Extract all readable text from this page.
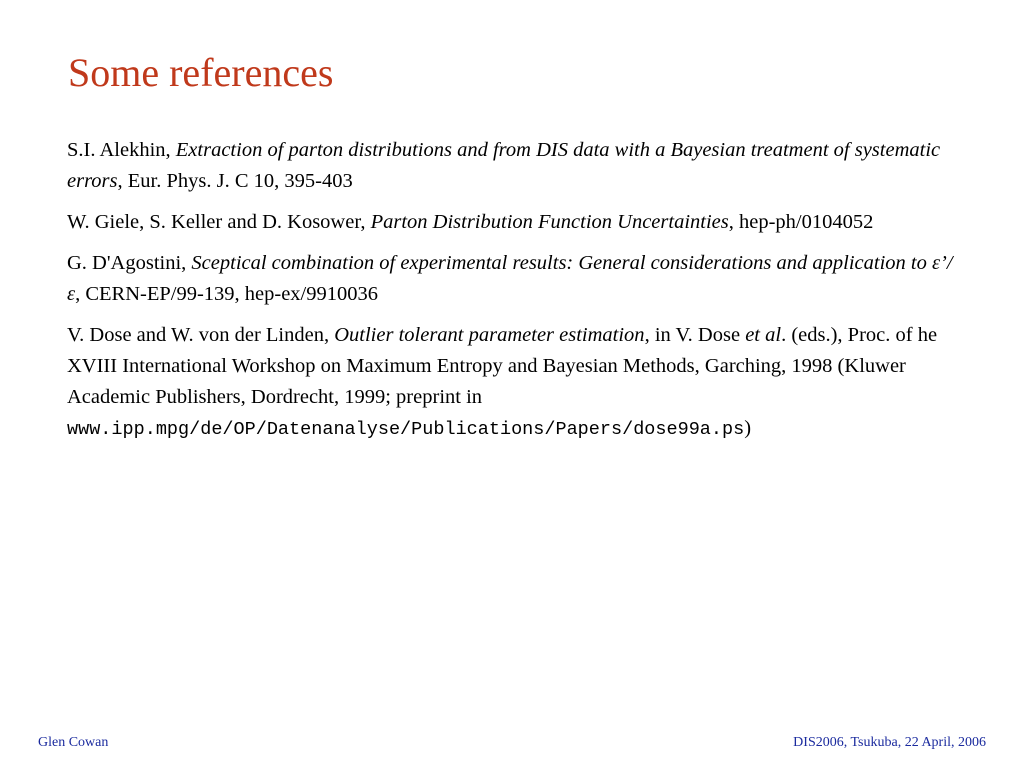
Some references

S.I. Alekhin, Extraction of parton distributions and from DIS data with a Bayesian treatment of systematic errors, Eur. Phys. J. C 10, 395-403

W. Giele, S. Keller and D. Kosower, Parton Distribution Function Uncertainties, hep-ph/0104052

G. D'Agostini, Sceptical combination of experimental results: General considerations and application to ε’/ε, CERN-EP/99-139, hep-ex/9910036

V. Dose and W. von der Linden, Outlier tolerant parameter estimation, in V. Dose et al. (eds.), Proc. of he XVIII International Workshop on Maximum Entropy and Bayesian Methods, Garching, 1998 (Kluwer Academic Publishers, Dordrecht, 1999; preprint in www.ipp.mpg/de/OP/Datenanalyse/Publications/Papers/dose99a.ps)

Glen Cowan	DIS2006, Tsukuba, 22 April, 2006
